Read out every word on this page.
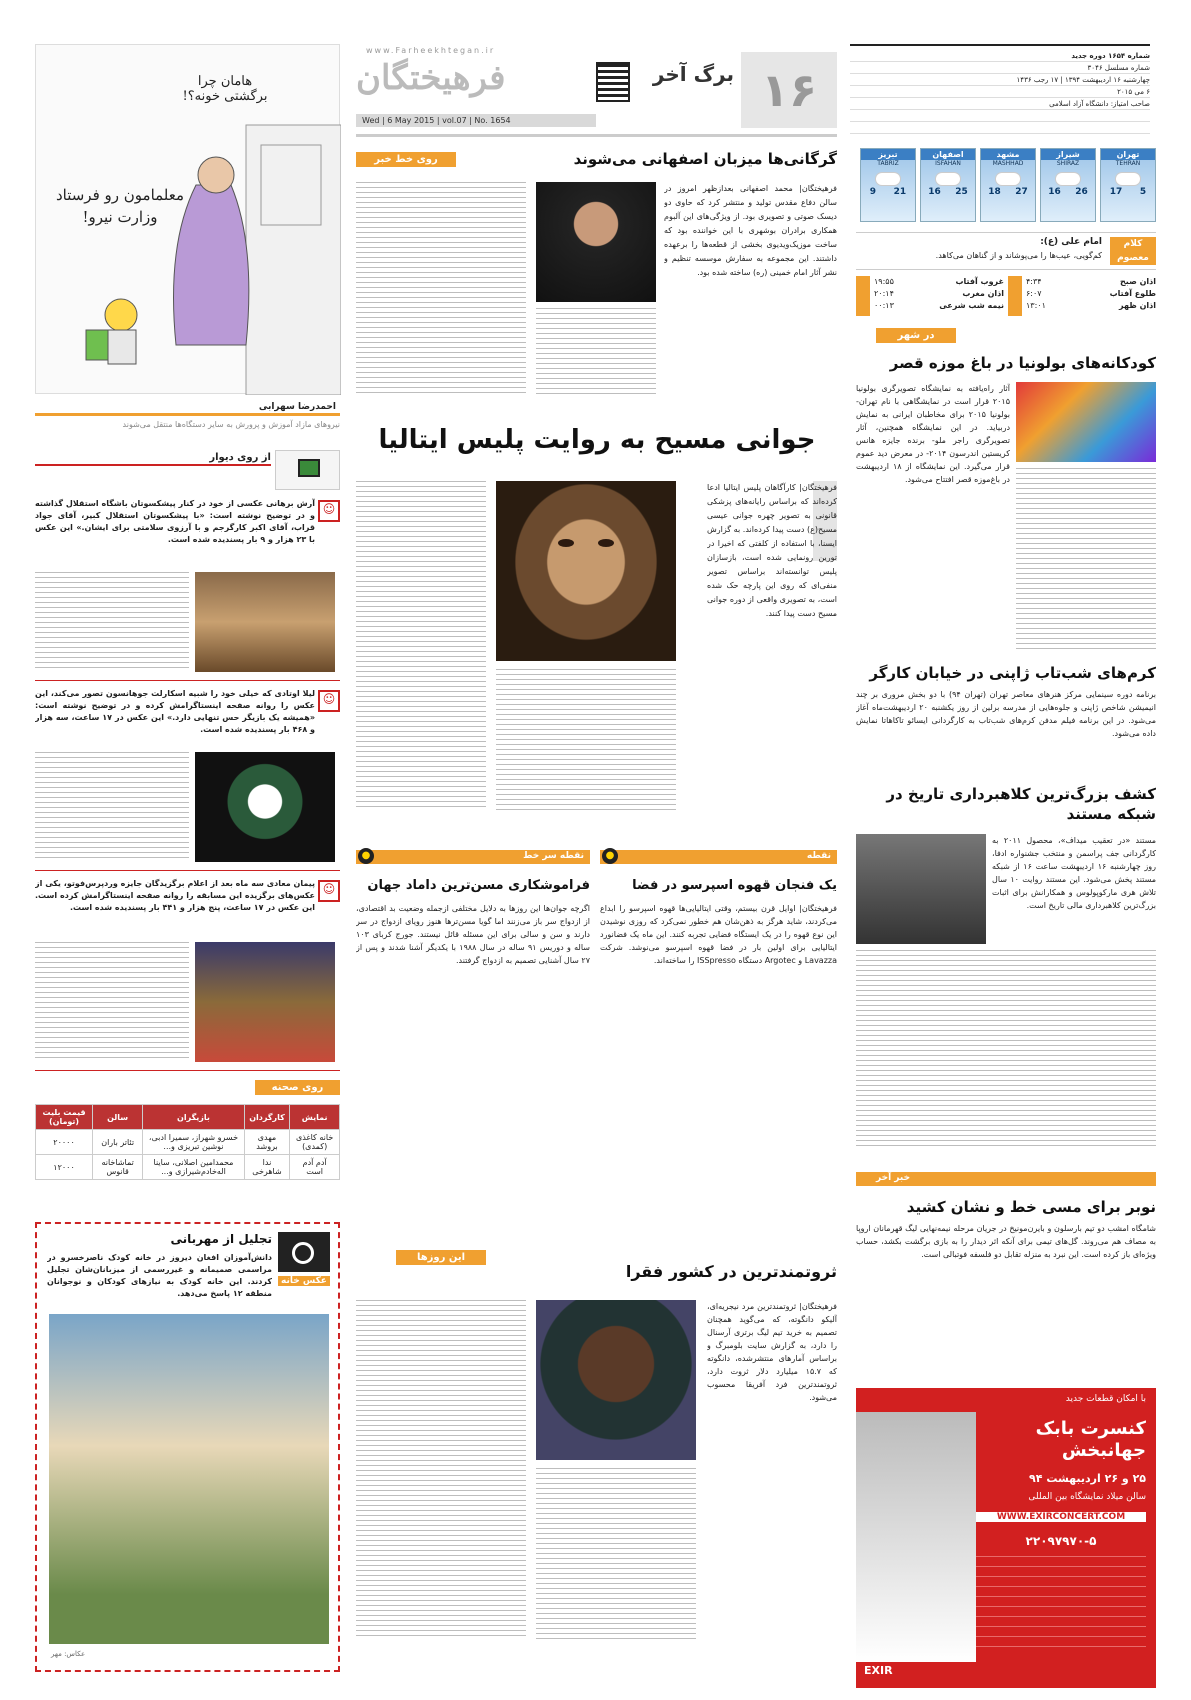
www.Farheekhtegan.ir
فرهیختگان
Wed | 6 May 2015 | vol.07 | No. 1654
برگ آخر ۱۶
شماره ۱۶۵۴ دوره جدید
شماره مسلسل ۳۰۴۶
چهارشنبه ۱۶ اردیبهشت ۱۳۹۴ | ۱۷ رجب ۱۴۳۶
۶ می ۲۰۱۵
صاحب امتیاز: دانشگاه آزاد اسلامی
تهران
TEHRAN
17 5
شیراز
SHIRAZ
16 26
مشهد
MASHHAD
18 27
اصفهان
ISFAHAN
16 25
تبریز
TABRIZ
9 21
کلام معصوم
امام علی (ع):
کم‌گویی، عیب‌ها را می‌پوشاند و از گناهان می‌کاهد.
غروب آفتاب
۱۹:۵۵
اذان مغرب
۲۰:۱۴
نیمه شب شرعی
۰۰:۱۳
اذان صبح
۴:۳۴
طلوع آفتاب
۶:۰۷
اذان ظهر
۱۳:۰۱
هامان چرا برگشتی خونه؟!
معلمامون رو فرستاد وزارت نیرو!
احمدرضا سهرابی
نیروهای مازاد آموزش و پرورش به سایر دستگاه‌ها منتقل می‌شوند
روی خط خبر	گرگانی‌ها میزبان اصفهانی می‌شوند
فرهیختگان| محمد اصفهانی بعدازظهر امروز در سالن دفاع مقدس تولید و منتشر کرد که حاوی دو دیسک صوتی و تصویری بود. از ویژگی‌های این آلبوم همکاری برادران بوشهری با این خواننده بود که ساخت موزیک‌ویدیوی بخشی از قطعه‌ها را برعهده داشتند. این مجموعه به سفارش موسسه تنظیم و نشر آثار امام خمینی (ره) ساخته شده بود.
جوانی مسیح به روایت پلیس ایتالیا
فرهیختگان| کارآگاهان پلیس ایتالیا ادعا کرده‌اند که براساس رایانه‌های پزشکی قانونی به تصویر چهره جوانی عیسی مسیح(ع) دست پیدا کرده‌اند. به گزارش ایسنا، با استفاده از کلفتی که اخیرا در تورین رونمایی شده است، بازسازان پلیس توانسته‌اند براساس تصویر منفی‌ای که روی این پارچه حک شده است، به تصویری واقعی از دوره جوانی مسیح دست پیدا کنند.
نقطه
●
یک فنجان قهوه اسپرسو در فضا
فرهیختگان| اوایل قرن بیستم، وقتی ایتالیایی‌ها قهوه اسپرسو را ابداع می‌کردند، شاید هرگز به ذهن‌شان هم خطور نمی‌کرد که روزی نوشیدن این نوع قهوه را در یک ایستگاه فضایی تجربه کنند. این ماه یک فضانورد ایتالیایی برای اولین بار در فضا قهوه اسپرسو می‌نوشد. شرکت Lavazza و Argotec دستگاه ISSpresso را ساخته‌اند.
نقطه سر خط
●
فراموشکاری مسن‌ترین داماد جهان
اگرچه جوان‌ها این روزها به دلایل مختلفی ازجمله وضعیت بد اقتصادی، از ازدواج سر باز می‌زنند اما گویا مسن‌ترها هنوز رویای ازدواج در سر دارند و سن و سالی برای این مسئله قائل نیستند. جورج کربای ۱۰۳ ساله و دوریس ۹۱ ساله در سال ۱۹۸۸ با یکدیگر آشنا شدند و پس از ۲۷ سال آشنایی تصمیم به ازدواج گرفتند.
این روزها
ثروتمندترین در کشور فقرا
فرهیختگان| ثروتمندترین مرد نیجریه‌ای، آلیکو دانگوته، که می‌گوید همچنان تصمیم به خرید تیم لیگ برتری آرسنال را دارد، به گزارش سایت بلومبرگ و براساس آمارهای منتشرشده، دانگوته که ۱۵.۷ میلیارد دلار ثروت دارد، ثروتمندترین فرد آفریقا محسوب می‌شود.
در شهر
کودکانه‌های بولونیا در باغ موزه قصر
آثار راه‌یافته به نمایشگاه تصویرگری بولونیا ۲۰۱۵ قرار است در نمایشگاهی با نام تهران-بولونیا ۲۰۱۵ برای مخاطبان ایرانی به نمایش دربیاید. در این نمایشگاه همچنین، آثار تصویرگری راجر ملو- برنده جایزه هانس کریستین اندرسون ۲۰۱۴- در معرض دید عموم قرار می‌گیرد. این نمایشگاه از ۱۸ اردیبهشت در باغ‌موزه قصر افتتاح می‌شود.
کرم‌های شب‌تاب ژاپنی در خیابان کارگر
برنامه دوره سینمایی مرکز هنرهای معاصر تهران (تهران ۹۴) با دو بخش مروری بر چند انیمیشن شاخص ژاپنی و جلوه‌هایی از مدرسه برلین از روز یکشنبه ۲۰ اردیبهشت‌ماه آغاز می‌شود. در این برنامه فیلم مدفن کرم‌های شب‌تاب به کارگردانی ایسائو تاکاهاتا نمایش داده می‌شود.
کشف بزرگ‌ترین کلاهبرداری تاریخ در شبکه مستند
مستند «در تعقیب میداف»، محصول ۲۰۱۱ به کارگردانی جف پراسمن و منتخب جشنواره ادفا، روز چهارشنبه ۱۶ اردیبهشت ساعت ۱۶ از شبکه مستند پخش می‌شود. این مستند روایت ۱۰ سال تلاش هری مارکوپولوس و همکارانش برای اثبات بزرگ‌ترین کلاهبرداری مالی تاریخ است.
خبر آخر
نوبر برای مسی خط و نشان کشید
شامگاه امشب دو تیم بارسلون و بایرن‌مونیخ در جریان مرحله نیمه‌نهایی لیگ قهرمانان اروپا به مصاف هم می‌روند. گل‌های تیمی برای آنکه اثر دیدار را به بازی برگشت بکشد، حساب ویژه‌ای باز کرده است. این نبرد به منزله تقابل دو فلسفه فوتبالی است.
با امکان قطعات جدید
کنسرت بابک جهانبخش
۲۵ و ۲۶ اردیبهشت ۹۴
سالن میلاد نمایشگاه بین المللی
WWW.EXIRCONCERT.COM
۲۲۰۹۷۹۷۰-۵
EXIR
از روی دیوار
☺
آرش برهانی عکسی از خود در کنار پیشکسوتان باشگاه استقلال گذاشته و در توضیح نوشته است: «با پیشکسوتان استقلال کبیر، آقای جواد قراب، آقای اکبر کارگرجم و با آرزوی سلامتی برای ایشان.» این عکس با ۲۳ هزار و ۹ بار پسندیده شده است.
☺
لیلا اوتادی که خیلی خود را شبیه اسکارلت جوهانسون تصور می‌کند، این عکس را روانه صفحه اینستاگرامش کرده و در توضیح نوشته است: «همیشه یک بازیگر حس تنهایی دارد.» این عکس در ۱۷ ساعت، سه هزار و ۴۶۸ بار پسندیده شده است.
☺
پیمان معادی سه ماه بعد از اعلام برگزیدگان جایزه وردپرس‌فوتو، یکی از عکس‌های برگزیده این مسابقه را روانه صفحه اینستاگرامش کرده است. این عکس در ۱۷ ساعت، پنج هزار و ۴۴۱ بار پسندیده شده است.
روی صحنه
نمایش	کارگردان	بازیگران	سالن	قیمت بلیت (تومان)
خانه کاغذی (کمدی)	مهدی بروشد	خسرو شهراز، سمیرا ادبی، نوشین تبریزی و...	تئاتر باران	۲۰۰۰۰
آدم آدم است	ندا شاهرخی	محمدامین اصلانی، ساینا اله‌خادم‌شیرازی و...	تماشاخانه قانوس	۱۲۰۰۰
عکس خانه
تجلیل از مهربانی
دانش‌آموزان افغان دیروز در خانه کودک ناصرخسرو در مراسمی صمیمانه و غیررسمی از میزبانان‌شان تجلیل کردند. این خانه کودک به نیازهای کودکان و نوجوانان منطقه ۱۲ پاسخ می‌دهد.
عکاس: مهر
